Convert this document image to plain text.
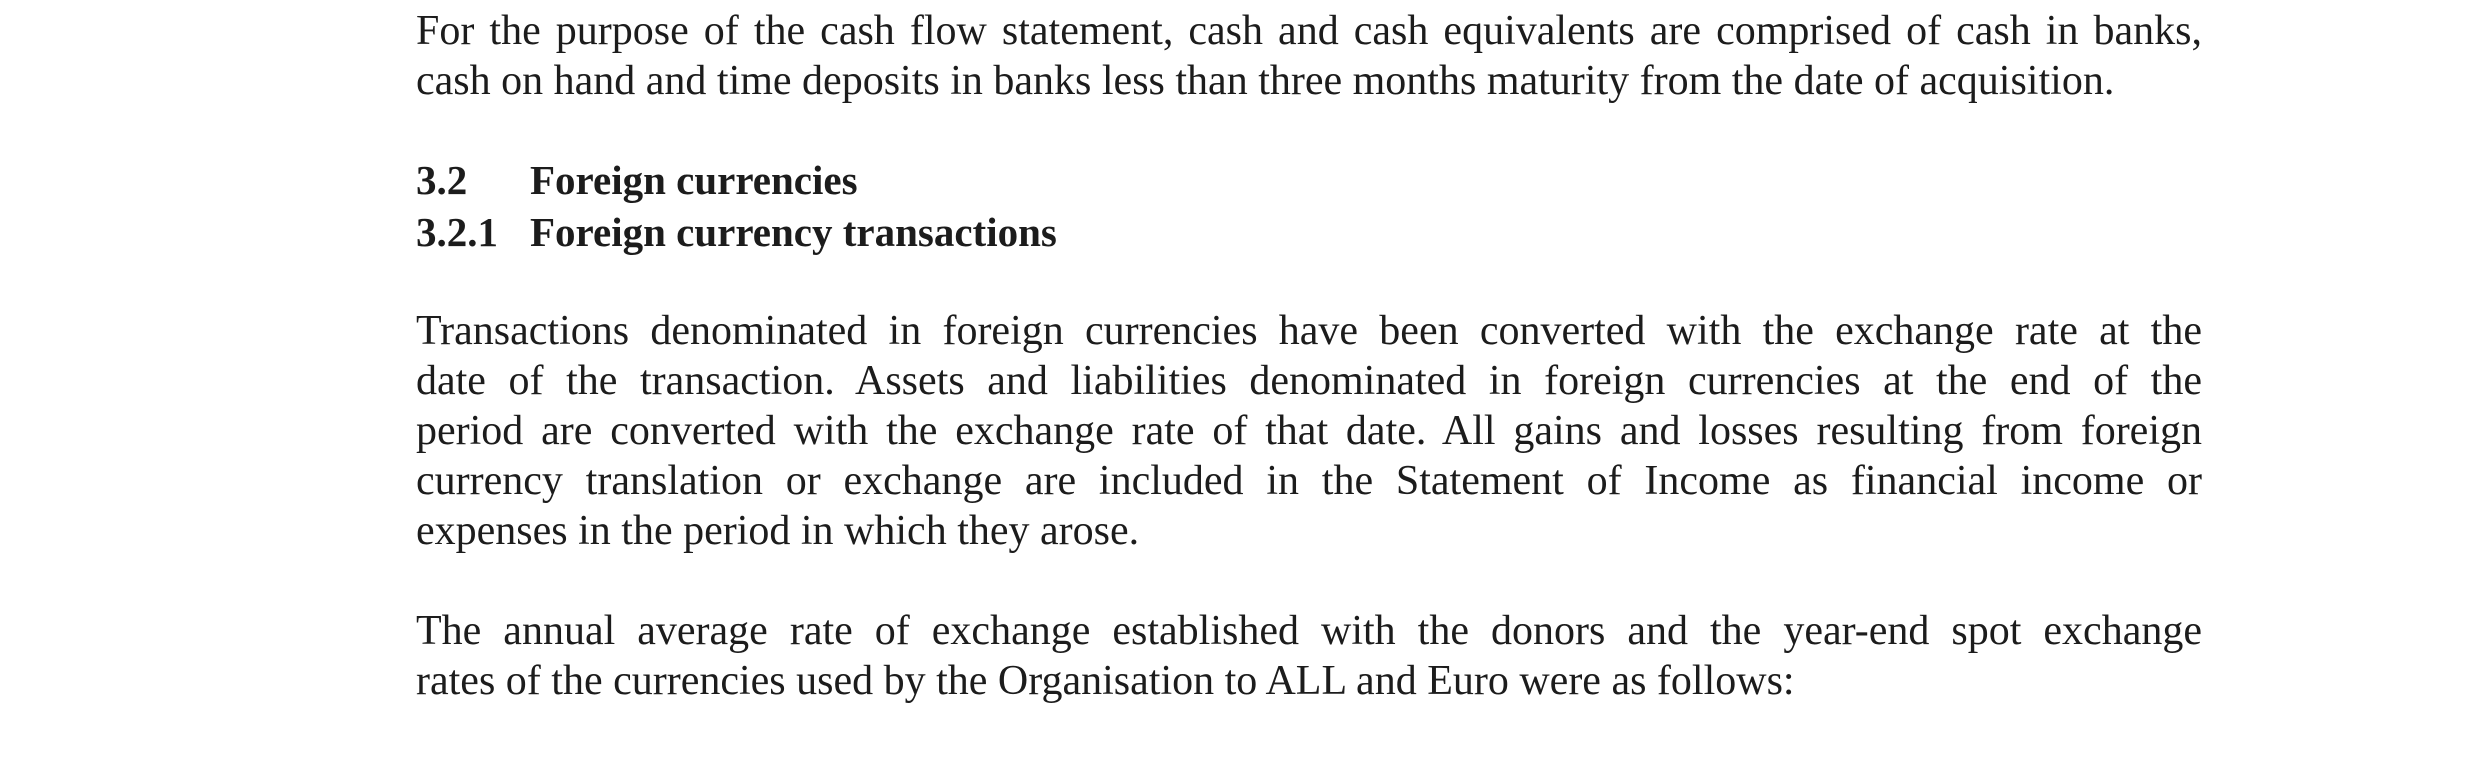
For the purpose of the cash flow statement, cash and cash equivalents are comprised of cash in banks,
cash on hand and time deposits in banks less than three months maturity from the date of acquisition.

3.2 Foreign currencies
3.2.1 Foreign currency transactions

Transactions denominated in foreign currencies have been converted with the exchange rate at the
date of the transaction. Assets and liabilities denominated in foreign currencies at the end of the
period are converted with the exchange rate of that date. All gains and losses resulting from foreign
currency translation or exchange are included in the Statement of Income as financial income or
expenses in the period in which they arose.

The annual average rate of exchange established with the donors and the year-end spot exchange
rates of the currencies used by the Organisation to ALL and Euro were as follows:
